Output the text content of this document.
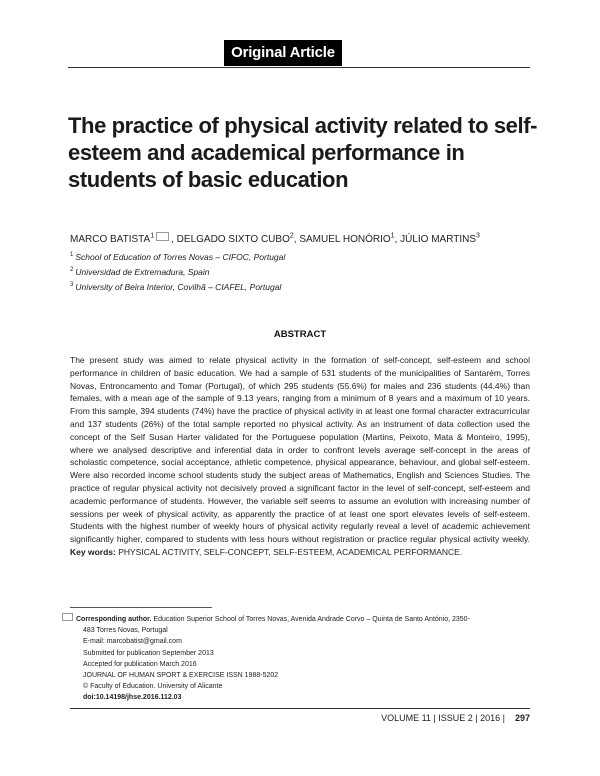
Original Article
The practice of physical activity related to self-esteem and academical performance in students of basic education
MARCO BATISTA$^1$ , DELGADO SIXTO CUBO$^2$, SAMUEL HONÓRIO$^1$, JÚLIO MARTINS$^3$
$^1$ School of Education of Torres Novas – CIFOC, Portugal
$^2$ Universidad de Extremadura, Spain
$^3$ University of Beira Interior, Covilhã – CIAFEL, Portugal
ABSTRACT
The present study was aimed to relate physical activity in the formation of self-concept, self-esteem and school performance in children of basic education. We had a sample of 531 students of the municipalities of Santarém, Torres Novas, Entroncamento and Tomar (Portugal), of which 295 students (55.6%) for males and 236 students (44.4%) than females, with a mean age of the sample of 9.13 years, ranging from a minimum of 8 years and a maximum of 10 years. From this sample, 394 students (74%) have the practice of physical activity in at least one formal character extracurricular and 137 students (26%) of the total sample reported no physical activity. As an instrument of data collection used the concept of the Self Susan Harter validated for the Portuguese population (Martins, Peixoto, Mata & Monteiro, 1995), where we analysed descriptive and inferential data in order to confront levels average self-concept in the areas of scholastic competence, social acceptance, athletic competence, physical appearance, behaviour, and global self-esteem. Were also recorded income school students study the subject areas of Mathematics, English and Sciences Studies. The practice of regular physical activity not decisively proved a significant factor in the level of self-concept, self-esteem and academic performance of students. However, the variable self seems to assume an evolution with increasing number of sessions per week of physical activity, as apparently the practice of at least one sport elevates levels of self-esteem. Students with the highest number of weekly hours of physical activity regularly reveal a level of academic achievement significantly higher, compared to students with less hours without registration or practice regular physical activity weekly. Key words: PHYSICAL ACTIVITY, SELF-CONCEPT, SELF-ESTEEM, ACADEMICAL PERFORMANCE.
Corresponding author. Education Superior School of Torres Novas, Avenida Andrade Corvo – Quinta de Santo António, 2350-
483 Torres Novas, Portugal
E-mail: marcobatist@gmail.com
Submitted for publication September 2013
Accepted for publication March 2016
JOURNAL OF HUMAN SPORT & EXERCISE ISSN 1988-5202
© Faculty of Education. University of Alicante
doi:10.14198/jhse.2016.112.03
VOLUME 11 | ISSUE 2 | 2016 | 297
